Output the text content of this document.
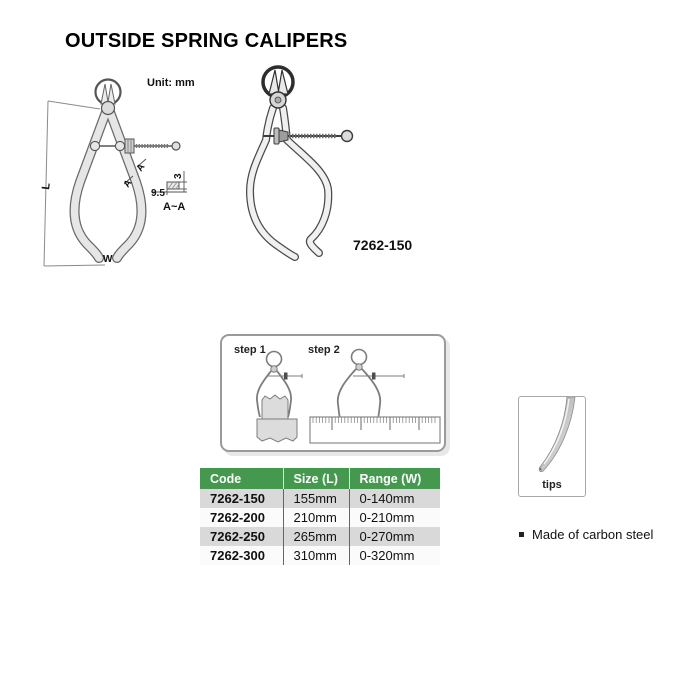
OUTSIDE SPRING CALIPERS
Unit: mm
L
W
A
A
9.5
3
A~A
7262-150
step 1	step 2
Code	Size (L)	Range (W)
7262-150	155mm	0-140mm
7262-200	210mm	0-210mm
7262-250	265mm	0-270mm
7262-300	310mm	0-320mm
tips
Made of carbon steel
